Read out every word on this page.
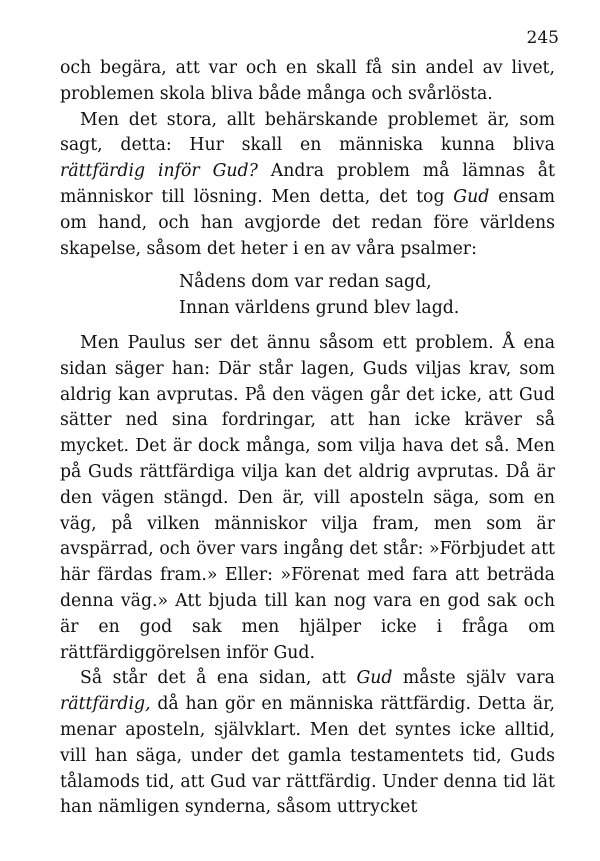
245

och begära, att var och en skall få sin andel av livet, problemen skola bliva både många och svårlösta.

Men det stora, allt behärskande problemet är, som sagt, detta: Hur skall en människa kunna bliva rättfärdig inför Gud? Andra problem må lämnas åt människor till lösning. Men detta, det tog Gud ensam om hand, och han avgjorde det redan före världens skapelse, såsom det heter i en av våra psalmer:

Nådens dom var redan sagd,
Innan världens grund blev lagd.

Men Paulus ser det ännu såsom ett problem. Å ena sidan säger han: Där står lagen, Guds viljas krav, som aldrig kan avprutas. På den vägen går det icke, att Gud sätter ned sina fordringar, att han icke kräver så mycket. Det är dock många, som vilja hava det så. Men på Guds rättfärdiga vilja kan det aldrig avprutas. Då är den vägen stängd. Den är, vill aposteln säga, som en väg, på vilken människor vilja fram, men som är avspärrad, och över vars ingång det står: »Förbjudet att här färdas fram.» Eller: »Förenat med fara att beträda denna väg.» Att bjuda till kan nog vara en god sak och är en god sak men hjälper icke i fråga om rättfärdiggörelsen inför Gud.

Så står det å ena sidan, att Gud måste själv vara rättfärdig, då han gör en människa rättfärdig. Detta är, menar aposteln, självklart. Men det syntes icke alltid, vill han säga, under det gamla testamentets tid, Guds tålamods tid, att Gud var rättfärdig. Under denna tid lät han nämligen synderna, såsom uttrycket
